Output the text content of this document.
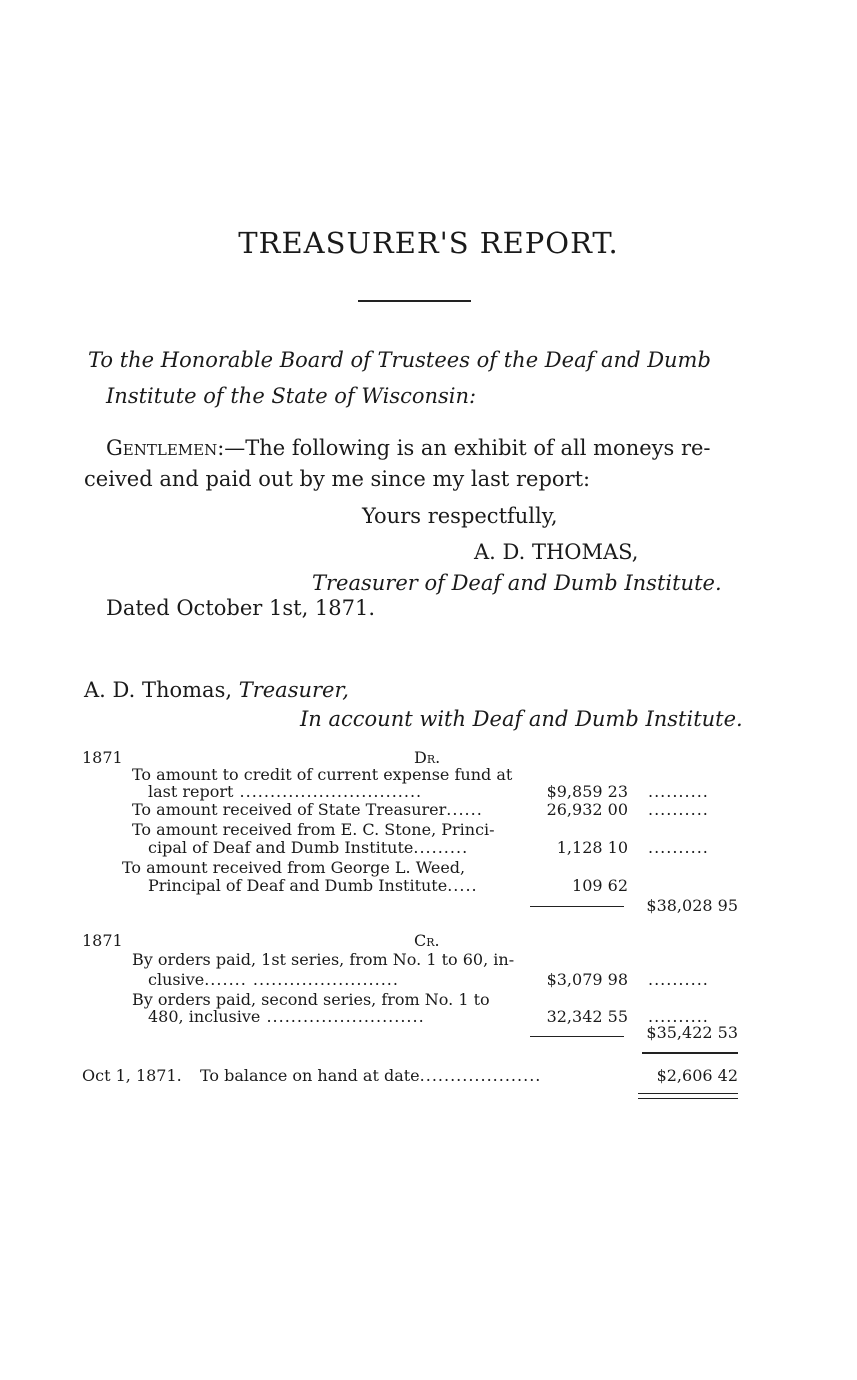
TREASURER'S REPORT.
To the Honorable Board of Trustees of the Deaf and Dumb
Institute of the State of Wisconsin:
Gentlemen:—The following is an exhibit of all moneys re-
ceived and paid out by me since my last report:
Yours respectfully,
A. D. THOMAS,
Treasurer of Deaf and Dumb Institute.
Dated October 1st, 1871.
A. D. Thomas, Treasurer,
In account with Deaf and Dumb Institute.
1871	Dr.
To amount to credit of current expense fund at
last report ..............................	$9,859 23 ..........
To amount received of State Treasurer......	26,932 00 ..........
To amount received from E. C. Stone, Princi-
cipal of Deaf and Dumb Institute.........	1,128 10 ..........
To amount received from George L. Weed,
Principal of Deaf and Dumb Institute.....	109 62
$38,028 95
1871	Cr.
By orders paid, 1st series, from No. 1 to 60, in-
clusive....... ........................	$3,079 98 ..........
By orders paid, second series, from No. 1 to
480, inclusive ..........................	32,342 55 ..........
$35,422 53
Oct 1, 1871. To balance on hand at date....................	$2,606 42
